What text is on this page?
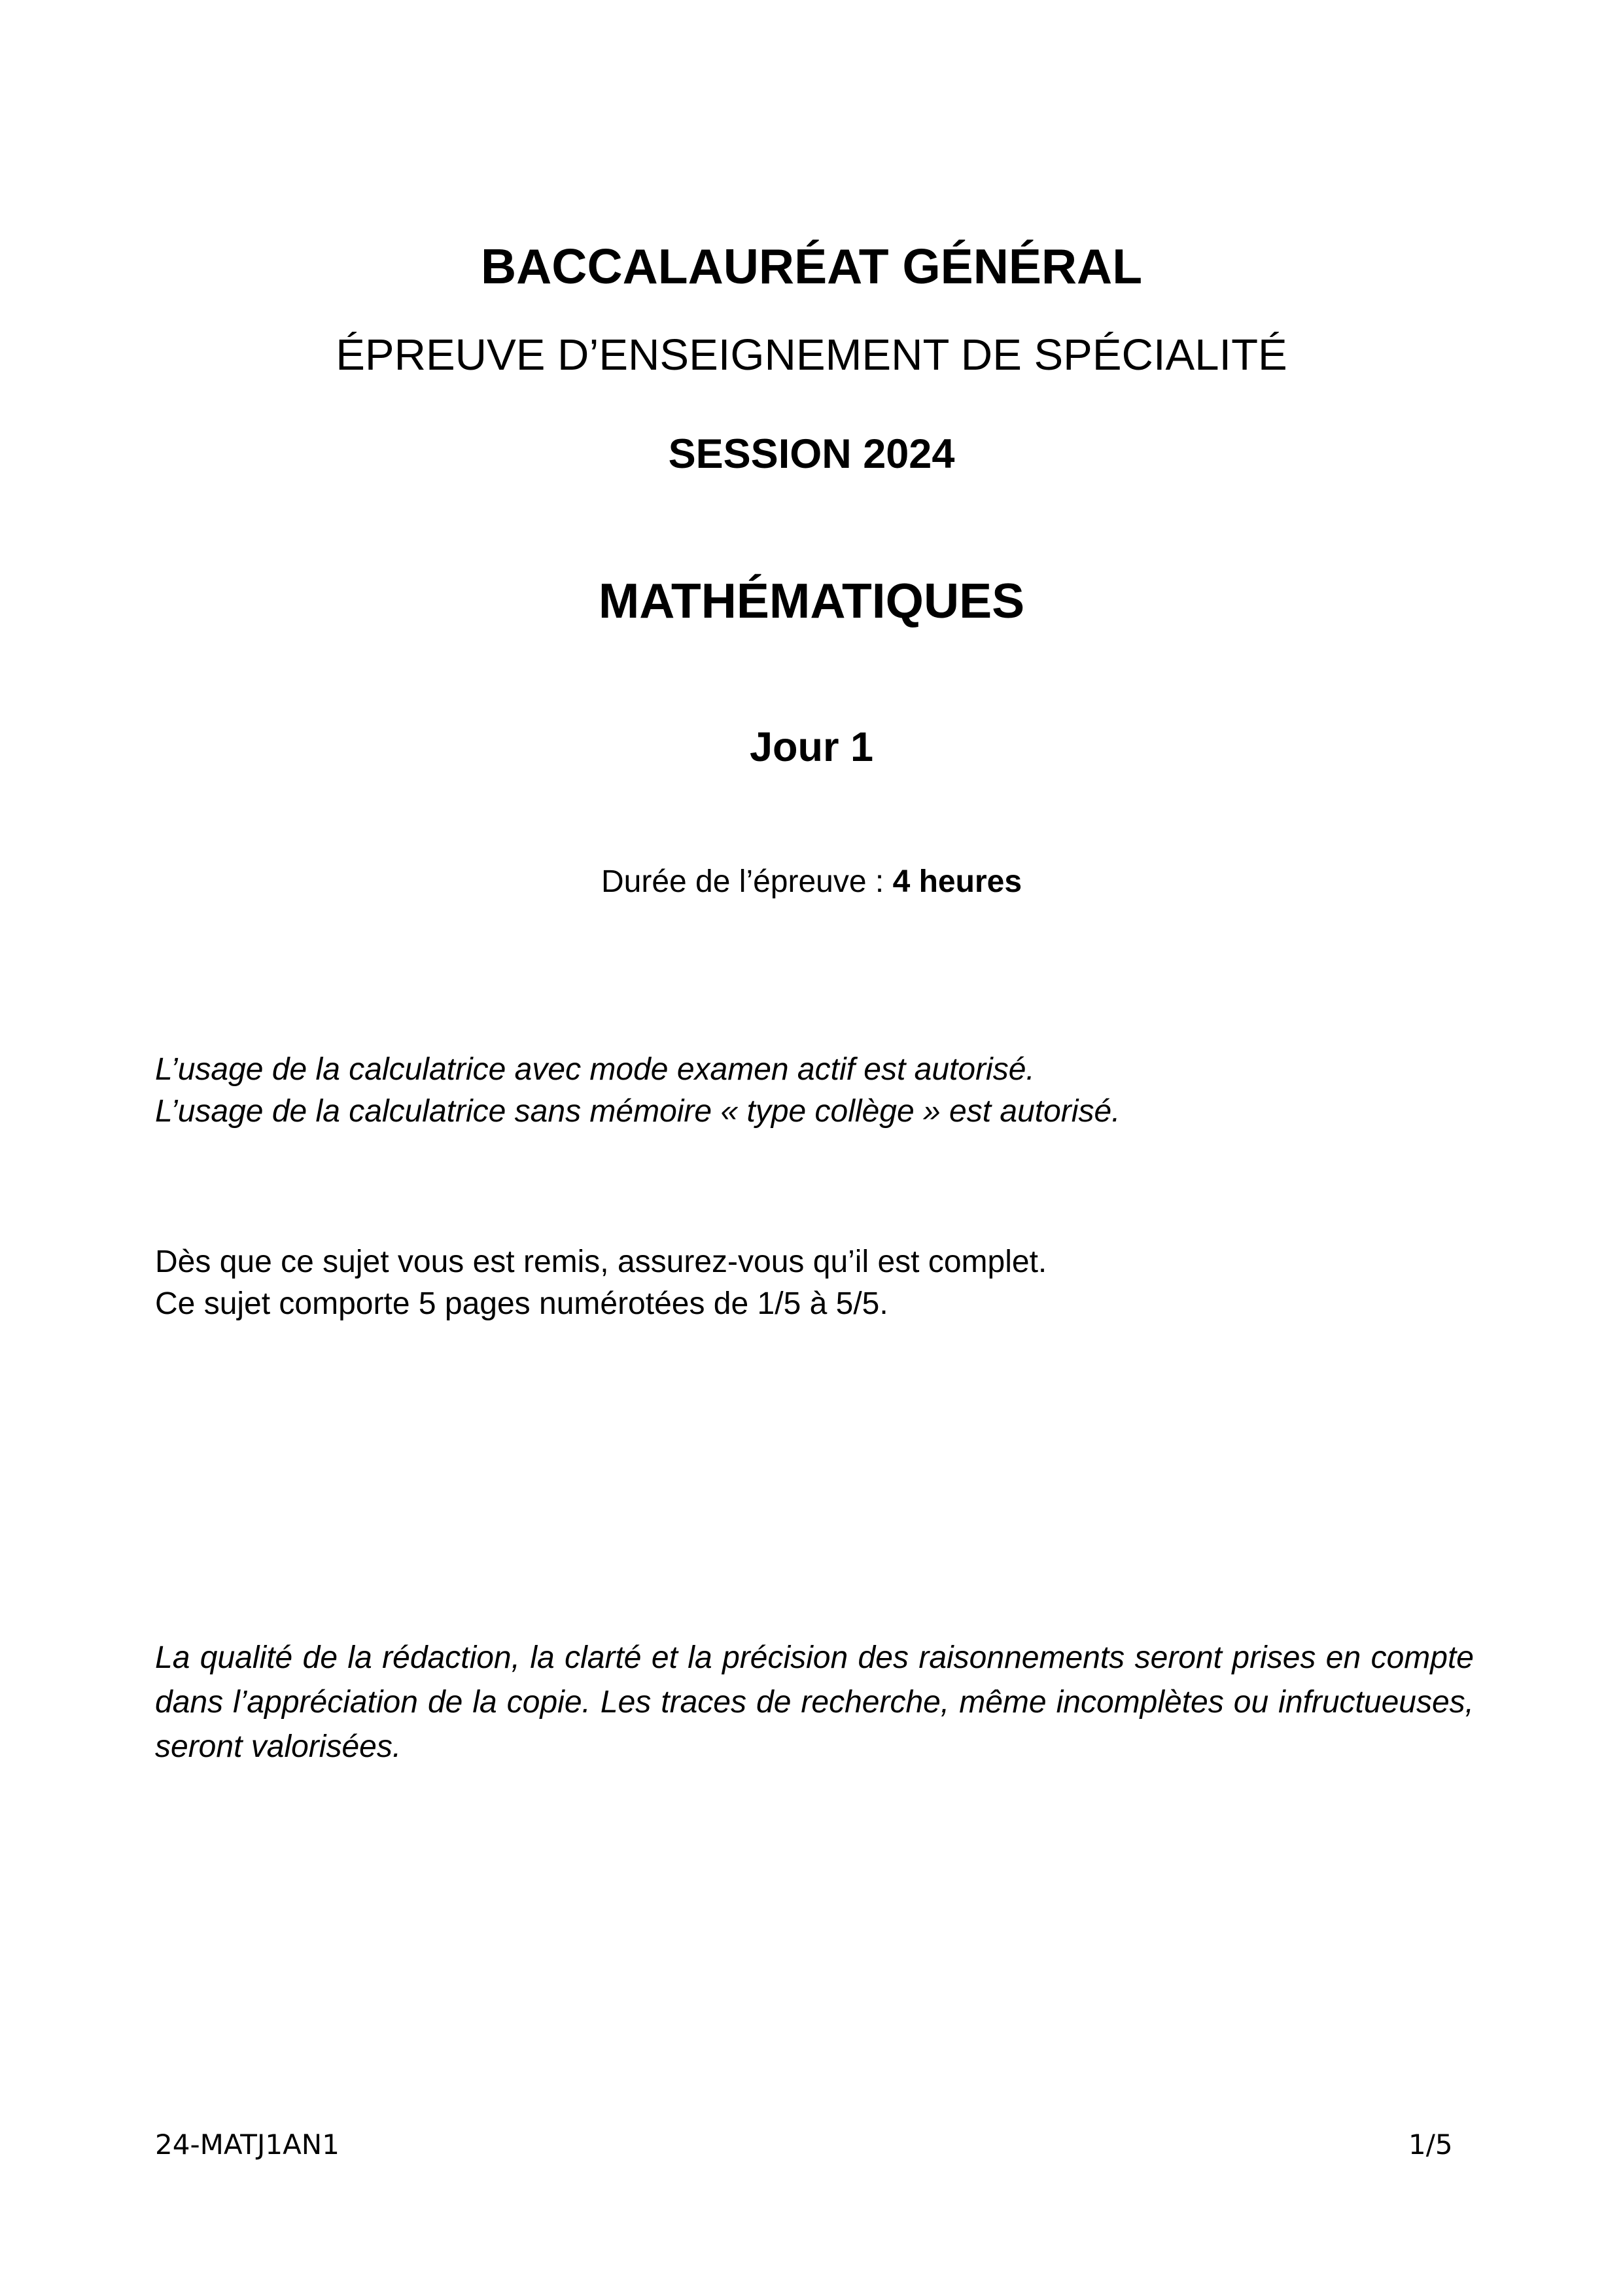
BACCALAURÉAT GÉNÉRAL
ÉPREUVE D’ENSEIGNEMENT DE SPÉCIALITÉ
SESSION 2024
MATHÉMATIQUES
Jour 1
Durée de l’épreuve : 4 heures
L’usage de la calculatrice avec mode examen actif est autorisé.
L’usage de la calculatrice sans mémoire « type collège » est autorisé.
Dès que ce sujet vous est remis, assurez-vous qu’il est complet.
Ce sujet comporte 5 pages numérotées de 1/5 à 5/5.
La qualité de la rédaction, la clarté et la précision des raisonnements seront prises en compte dans l’appréciation de la copie. Les traces de recherche, même incomplètes ou infructueuses, seront valorisées.
24-MATJ1AN1	1/5
